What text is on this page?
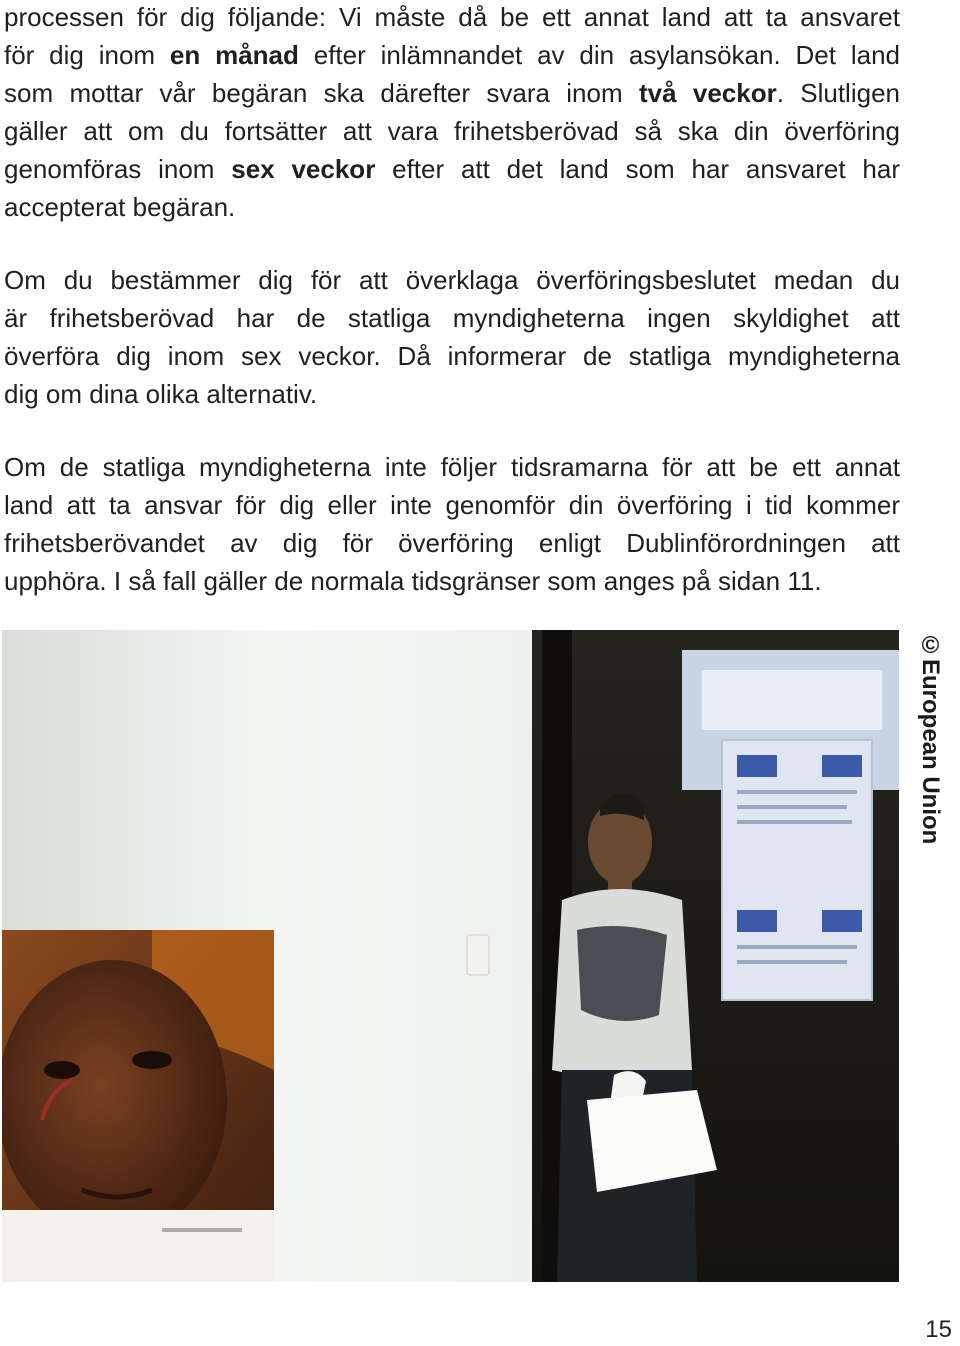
processen för dig följande: Vi måste då be ett annat land att ta ansvaret
för dig inom en månad efter inlämnandet av din asylansökan. Det land
som mottar vår begäran ska därefter svara inom två veckor. Slutligen
gäller att om du fortsätter att vara frihetsberövad så ska din överföring
genomföras inom sex veckor efter att det land som har ansvaret har
accepterat begäran.
Om du bestämmer dig för att överklaga överföringsbeslutet medan du
är frihetsberövad har de statliga myndigheterna ingen skyldighet att
överföra dig inom sex veckor. Då informerar de statliga myndigheterna
dig om dina olika alternativ.
Om de statliga myndigheterna inte följer tidsramarna för att be ett annat
land att ta ansvar för dig eller inte genomför din överföring i tid kommer
frihetsberövandet av dig för överföring enligt Dublinförordningen att
upphöra. I så fall gäller de normala tidsgränser som anges på sidan 11.
©European Union
15
